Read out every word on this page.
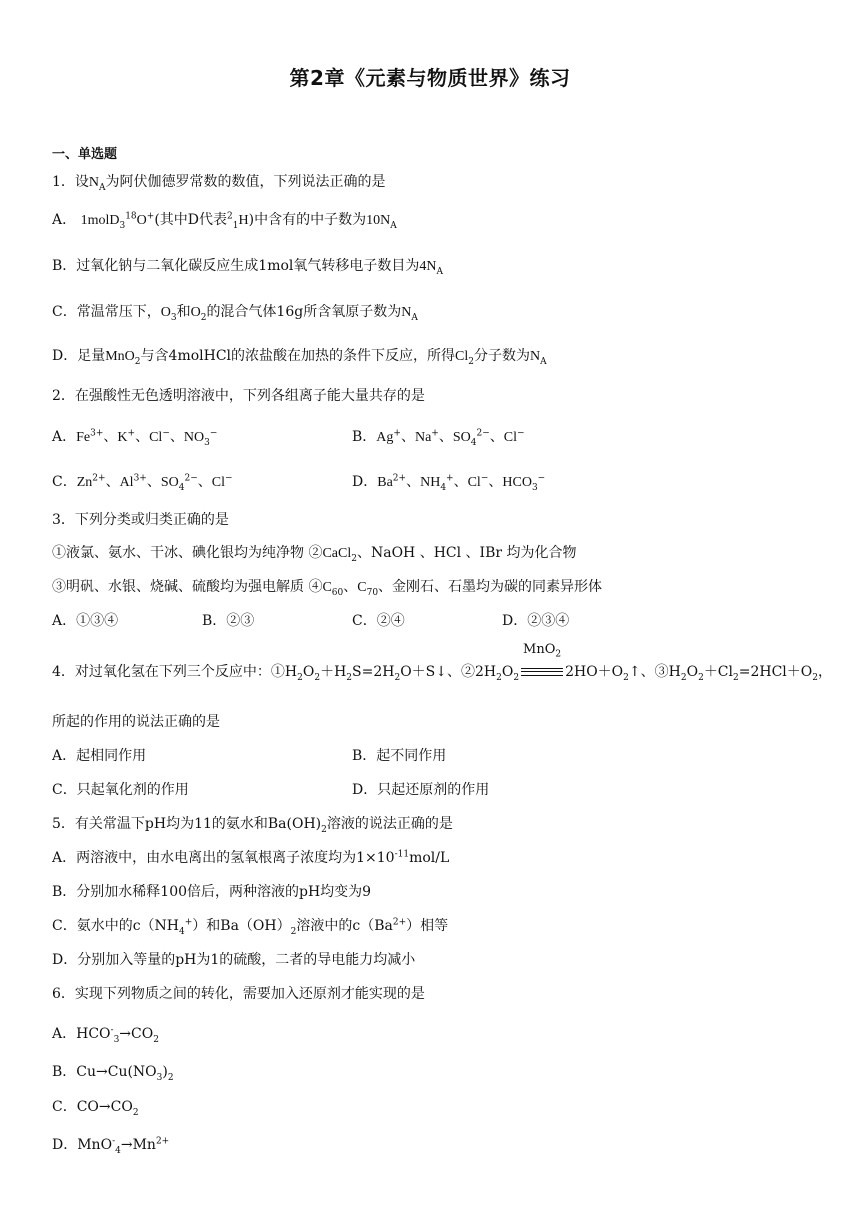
第2章《元素与物质世界》练习
一、单选题
1．设$N_A$为阿伏伽德罗常数的数值，下列说法正确的是
A． 1molD$_3^{18}$O+(其中D代表$^2_1$H)中含有的中子数为$10N_A$
B．过氧化钠与二氧化碳反应生成1mol氧气转移电子数目为$4N_A$
C．常温常压下，$O_3$和$O_2$的混合气体16g所含氧原子数为$N_A$
D．足量MnO$_2$与含4molHCl的浓盐酸在加热的条件下反应，所得$Cl_2$分子数为$N_A$
2．在强酸性无色透明溶液中，下列各组离子能大量共存的是
A．$Fe^{3+}$、K+、Cl−、$NO_3^-$	B．Ag+、Na+、$SO_4^{2-}$、Cl−
C．$Zn^{2+}$、$Al^{3+}$、$SO_4^{2-}$、Cl−	D．$Ba^{2+}$、$NH_4^+$、Cl−、$HCO_3^-$
3．下列分类或归类正确的是
①液氯、氨水、干冰、碘化银均为纯净物 ②CaCl$_2$、NaOH 、HCl 、IBr 均为化合物
③明矾、水银、烧碱、硫酸均为强电解质 $④C_{60}$、$C_{70}$、金刚石、石墨均为碳的同素异形体
A．①③④	B．②③	C．②④	D．②③④
4．对过氧化氢在下列三个反应中：$①H_2O_2+H_2S=2H_2O+S↓$、$②2H_2O_2$
MnO$_2$
$2HO+O_2↑$、$③H_2O_2+Cl_2=2HCl+O_2$，
所起的作用的说法正确的是
A．起相同作用	B．起不同作用
C．只起氧化剂的作用	D．只起还原剂的作用
5．有关常温下pH均为11的氨水和$Ba(OH)_2$溶液的说法正确的是
A．两溶液中，由水电离出的氢氧根离子浓度均为$1\times 10^{-11}mol/L$
B．分别加水稀释100倍后，两种溶液的pH均变为9
C．氨水中的$c(NH_4^+)$和$Ba(OH)_2$溶液中的$c(Ba^{2+})$相等
D．分别加入等量的pH为1的硫酸，二者的导电能力均减小
6．实现下列物质之间的转化，需要加入还原剂才能实现的是
A．$HCO^-_3\to CO_2$
B．$Cu\to Cu(NO_3)_2$
C．$CO\to CO_2$
D．$MnO^-_4\to Mn^{2+}$
